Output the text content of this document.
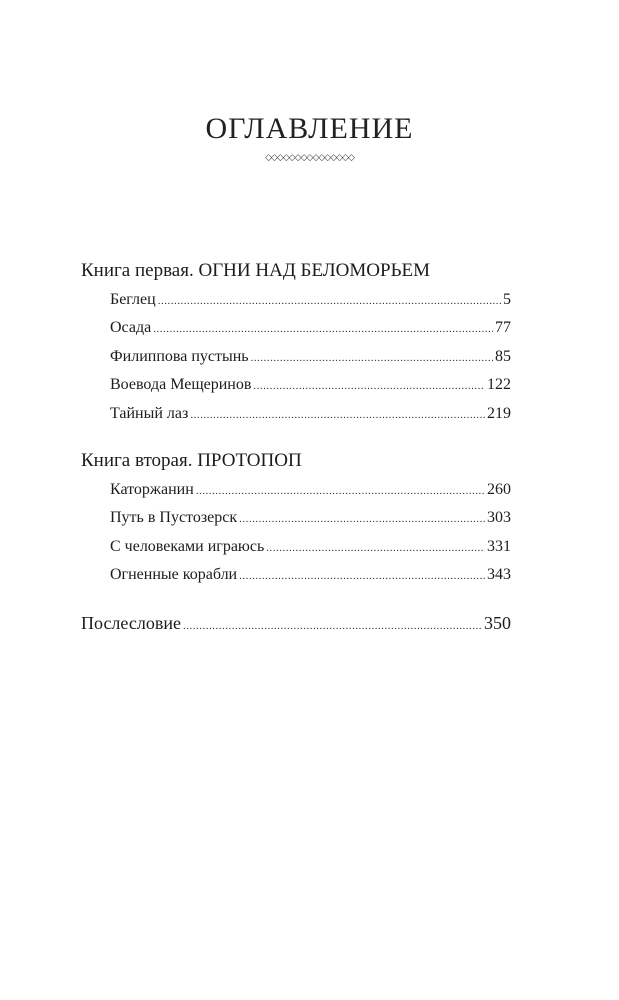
ОГЛАВЛЕНИЕ
◇◇◇◇◇◇◇◇◇◇◇◇◇◇◇
Книга первая. ОГНИ НАД БЕЛОМОРЬЕМ
Беглец .....	5
Осада .....	77
Филиппова пустынь .....	85
Воевода Мещеринов .....	122
Тайный лаз .....	219
Книга вторая. ПРОТОПОП
Каторжанин .....	260
Путь в Пустозерск .....	303
С человеками играюсь .....	331
Огненные корабли .....	343
Послесловие .....	350
